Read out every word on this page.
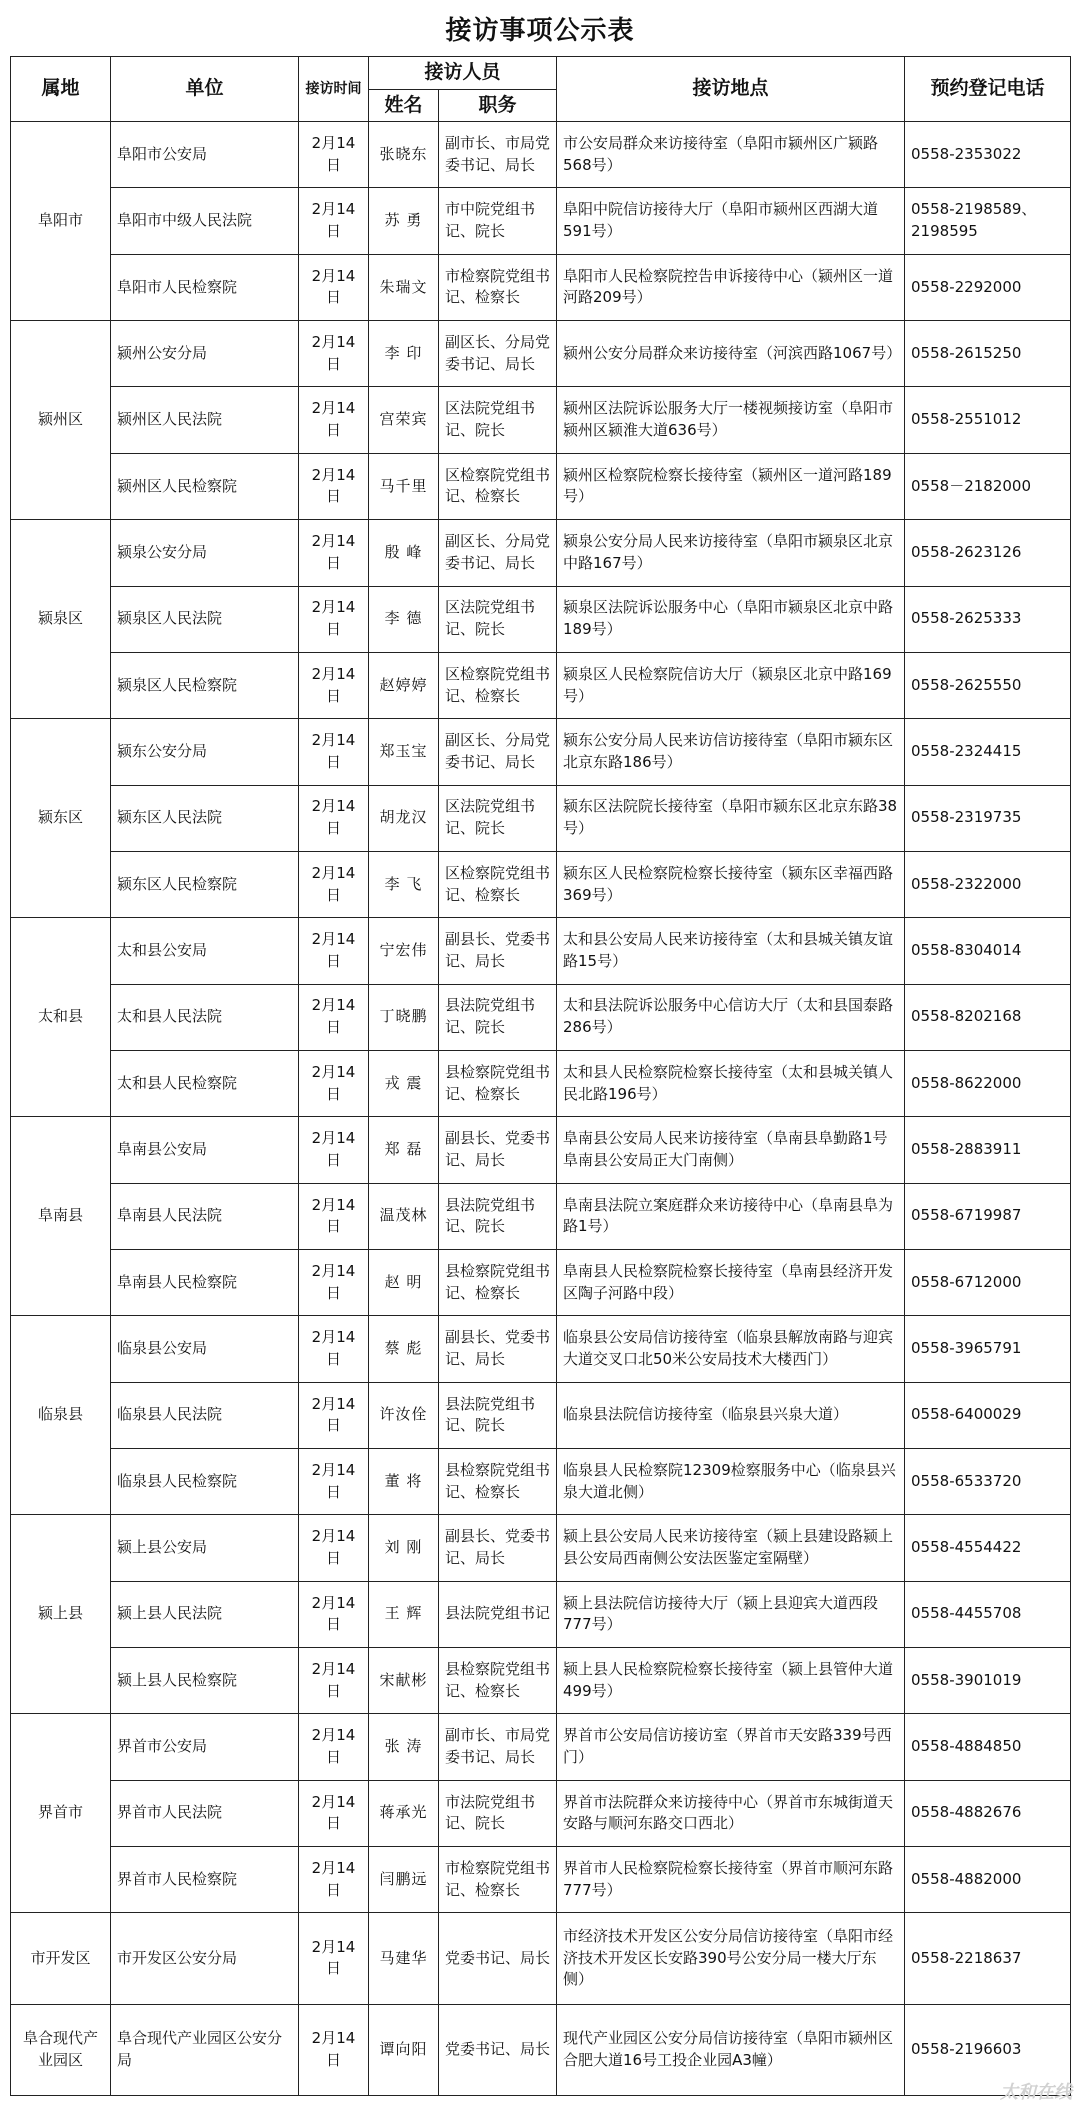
接访事项公示表
属地	单位	接访时间	接访人员		接访地点	预约登记电话
			姓名	职务		
阜阳市	阜阳市公安局	2月14日	张晓东	副市长、市局党委书记、局长	市公安局群众来访接待室（阜阳市颍州区广颍路568号）	0558-2353022
	阜阳市中级人民法院	2月14日	苏 勇	市中院党组书记、院长	阜阳中院信访接待大厅（阜阳市颍州区西湖大道591号）	0558-2198589、2198595
	阜阳市人民检察院	2月14日	朱瑞文	市检察院党组书记、检察长	阜阳市人民检察院控告申诉接待中心（颍州区一道河路209号）	0558-2292000
颍州区	颍州公安分局	2月14日	李 印	副区长、分局党委书记、局长	颍州公安分局群众来访接待室（河滨西路1067号）	0558-2615250
	颍州区人民法院	2月14日	宫荣宾	区法院党组书记、院长	颍州区法院诉讼服务大厅一楼视频接访室（阜阳市颍州区颍淮大道636号）	0558-2551012
	颍州区人民检察院	2月14日	马千里	区检察院党组书记、检察长	颍州区检察院检察长接待室（颍州区一道河路189号）	0558－2182000
颍泉区	颍泉公安分局	2月14日	殷 峰	副区长、分局党委书记、局长	颍泉公安分局人民来访接待室（阜阳市颍泉区北京中路167号）	0558-2623126
	颍泉区人民法院	2月14日	李 德	区法院党组书记、院长	颍泉区法院诉讼服务中心（阜阳市颍泉区北京中路189号）	0558-2625333
	颍泉区人民检察院	2月14日	赵婷婷	区检察院党组书记、检察长	颍泉区人民检察院信访大厅（颍泉区北京中路169号）	0558-2625550
颍东区	颍东公安分局	2月14日	郑玉宝	副区长、分局党委书记、局长	颍东公安分局人民来访信访接待室（阜阳市颍东区北京东路186号）	0558-2324415
	颍东区人民法院	2月14日	胡龙汉	区法院党组书记、院长	颍东区法院院长接待室（阜阳市颍东区北京东路38号）	0558-2319735
	颍东区人民检察院	2月14日	李 飞	区检察院党组书记、检察长	颍东区人民检察院检察长接待室（颍东区幸福西路369号）	0558-2322000
太和县	太和县公安局	2月14日	宁宏伟	副县长、党委书记、局长	太和县公安局人民来访接待室（太和县城关镇友谊路15号）	0558-8304014
	太和县人民法院	2月14日	丁晓鹏	县法院党组书记、院长	太和县法院诉讼服务中心信访大厅（太和县国泰路286号）	0558-8202168
	太和县人民检察院	2月14日	戎 震	县检察院党组书记、检察长	太和县人民检察院检察长接待室（太和县城关镇人民北路196号）	0558-8622000
阜南县	阜南县公安局	2月14日	郑 磊	副县长、党委书记、局长	阜南县公安局人民来访接待室（阜南县阜勤路1号阜南县公安局正大门南侧）	0558-2883911
	阜南县人民法院	2月14日	温茂林	县法院党组书记、院长	阜南县法院立案庭群众来访接待中心（阜南县阜为路1号）	0558-6719987
	阜南县人民检察院	2月14日	赵 明	县检察院党组书记、检察长	阜南县人民检察院检察长接待室（阜南县经济开发区陶子河路中段）	0558-6712000
临泉县	临泉县公安局	2月14日	蔡 彪	副县长、党委书记、局长	临泉县公安局信访接待室（临泉县解放南路与迎宾大道交叉口北50米公安局技术大楼西门）	0558-3965791
	临泉县人民法院	2月14日	许汝佺	县法院党组书记、院长	临泉县法院信访接待室（临泉县兴泉大道）	0558-6400029
	临泉县人民检察院	2月14日	董 将	县检察院党组书记、检察长	临泉县人民检察院12309检察服务中心（临泉县兴泉大道北侧）	0558-6533720
颍上县	颍上县公安局	2月14日	刘 刚	副县长、党委书记、局长	颍上县公安局人民来访接待室（颍上县建设路颍上县公安局西南侧公安法医鉴定室隔壁）	0558-4554422
	颍上县人民法院	2月14日	王 辉	县法院党组书记	颍上县法院信访接待大厅（颍上县迎宾大道西段777号）	0558-4455708
	颍上县人民检察院	2月14日	宋献彬	县检察院党组书记、检察长	颍上县人民检察院检察长接待室（颍上县管仲大道499号）	0558-3901019
界首市	界首市公安局	2月14日	张 涛	副市长、市局党委书记、局长	界首市公安局信访接访室（界首市天安路339号西门）	0558-4884850
	界首市人民法院	2月14日	蒋承光	市法院党组书记、院长	界首市法院群众来访接待中心（界首市东城街道天安路与顺河东路交口西北）	0558-4882676
	界首市人民检察院	2月14日	闫鹏远	市检察院党组书记、检察长	界首市人民检察院检察长接待室（界首市顺河东路777号）	0558-4882000
市开发区	市开发区公安分局	2月14日	马建华	党委书记、局长	市经济技术开发区公安分局信访接待室（阜阳市经济技术开发区长安路390号公安分局一楼大厅东侧）	0558-2218637
阜合现代产业园区	阜合现代产业园区公安分局	2月14日	谭向阳	党委书记、局长	现代产业园区公安分局信访接待室（阜阳市颍州区合肥大道16号工投企业园A3幢）	0558-2196603
太和在线
